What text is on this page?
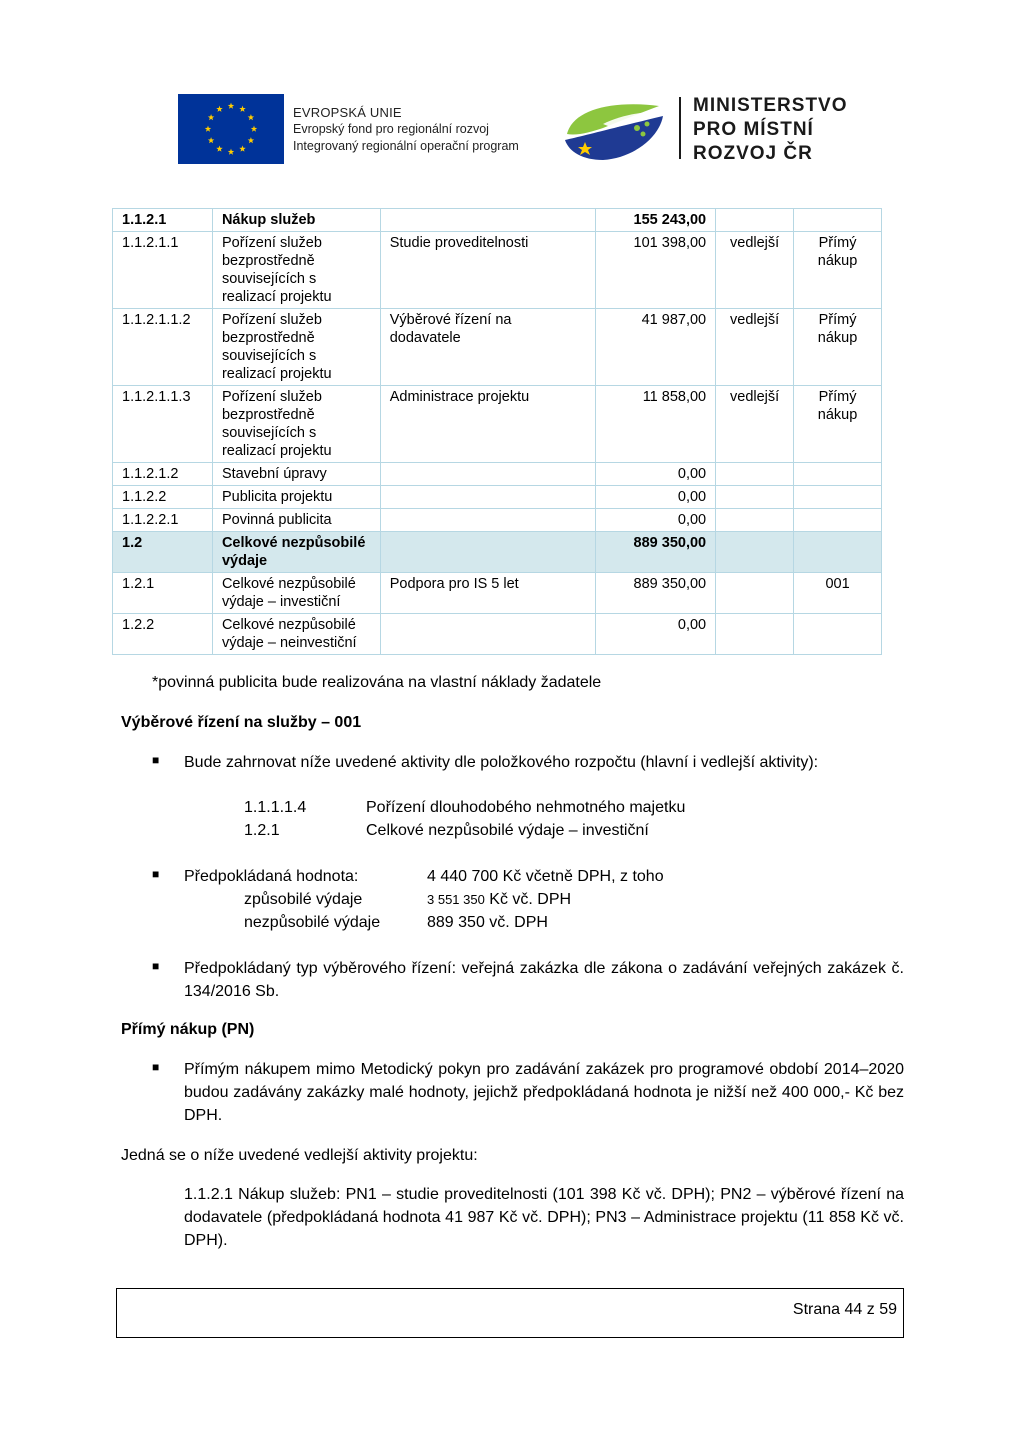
EVROPSKÁ UNIE
Evropský fond pro regionální rozvoj
Integrovaný regionální operační program
MINISTERSTVO
PRO MÍSTNÍ
ROZVOJ ČR
1.1.2.1	Nákup služeb		155 243,00		
1.1.2.1.1	Pořízení služeb bezprostředně souvisejících s realizací projektu	Studie proveditelnosti	101 398,00	vedlejší	Přímý nákup
1.1.2.1.1.2	Pořízení služeb bezprostředně souvisejících s realizací projektu	Výběrové řízení na dodavatele	41 987,00	vedlejší	Přímý nákup
1.1.2.1.1.3	Pořízení služeb bezprostředně souvisejících s realizací projektu	Administrace projektu	11 858,00	vedlejší	Přímý nákup
1.1.2.1.2	Stavební úpravy		0,00		
1.1.2.2	Publicita projektu		0,00		
1.1.2.2.1	Povinná publicita		0,00		
1.2	Celkové nezpůsobilé výdaje		889 350,00		
1.2.1	Celkové nezpůsobilé výdaje – investiční	Podpora pro IS 5 let	889 350,00		001
1.2.2	Celkové nezpůsobilé výdaje – neinvestiční		0,00		
*povinná publicita bude realizována na vlastní náklady žadatele
Výběrové řízení na služby – 001
■ Bude zahrnovat níže uvedené aktivity dle položkového rozpočtu (hlavní i vedlejší aktivity):
1.1.1.1.4	Pořízení dlouhodobého nehmotného majetku
1.2.1	Celkové nezpůsobilé výdaje – investiční
■ Předpokládaná hodnota:	4 440 700 Kč včetně DPH, z toho
způsobilé výdaje	3 551 350 Kč vč. DPH
nezpůsobilé výdaje	889 350 vč. DPH
■ Předpokládaný typ výběrového řízení: veřejná zakázka dle zákona o zadávání veřejných zakázek č. 134/2016 Sb.
Přímý nákup (PN)
■ Přímým nákupem mimo Metodický pokyn pro zadávání zakázek pro programové období 2014–2020 budou zadávány zakázky malé hodnoty, jejichž předpokládaná hodnota je nižší než 400 000,- Kč bez DPH.
Jedná se o níže uvedené vedlejší aktivity projektu:
1.1.2.1 Nákup služeb: PN1 – studie proveditelnosti (101 398 Kč vč. DPH); PN2 – výběrové řízení na dodavatele (předpokládaná hodnota 41 987 Kč vč. DPH); PN3 – Administrace projektu (11 858 Kč vč. DPH).
Strana 44 z 59
